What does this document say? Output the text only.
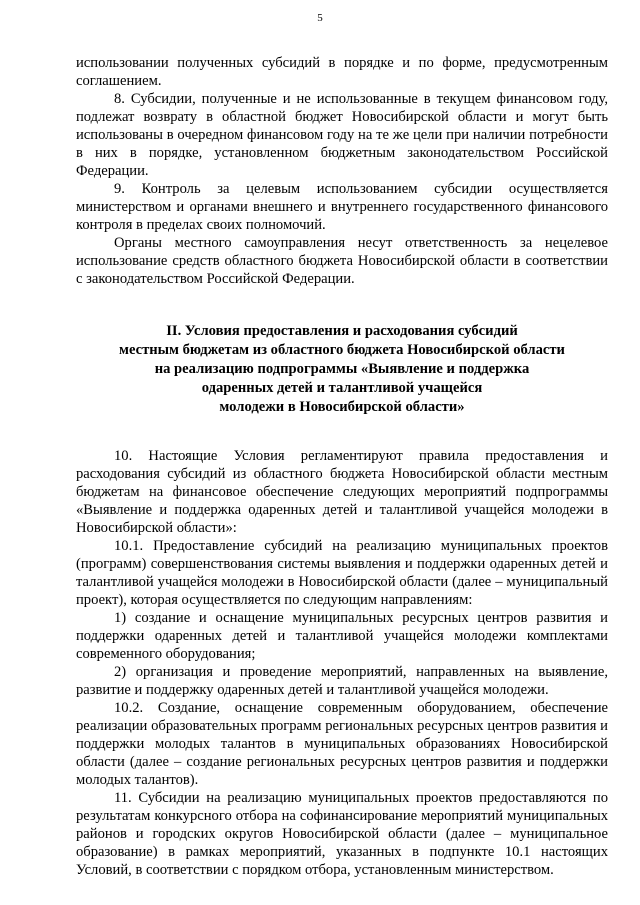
5

использовании полученных субсидий в порядке и по форме, предусмотренным соглашением.

8. Субсидии, полученные и не использованные в текущем финансовом году, подлежат возврату в областной бюджет Новосибирской области и могут быть использованы в очередном финансовом году на те же цели при наличии потребности в них в порядке, установленном бюджетным законодательством Российской Федерации.

9. Контроль за целевым использованием субсидии осуществляется министерством и органами внешнего и внутреннего государственного финансового контроля в пределах своих полномочий.

Органы местного самоуправления несут ответственность за нецелевое использование средств областного бюджета Новосибирской области в соответствии с законодательством Российской Федерации.

II. Условия предоставления и расходования субсидий
местным бюджетам из областного бюджета Новосибирской области
на реализацию подпрограммы «Выявление и поддержка
одаренных детей и талантливой учащейся
молодежи в Новосибирской области»

10. Настоящие Условия регламентируют правила предоставления и расходования субсидий из областного бюджета Новосибирской области местным бюджетам на финансовое обеспечение следующих мероприятий подпрограммы «Выявление и поддержка одаренных детей и талантливой учащейся молодежи в Новосибирской области»:

10.1. Предоставление субсидий на реализацию муниципальных проектов (программ) совершенствования системы выявления и поддержки одаренных детей и талантливой учащейся молодежи в Новосибирской области (далее – муниципальный проект), которая осуществляется по следующим направлениям:

1) создание и оснащение муниципальных ресурсных центров развития и поддержки одаренных детей и талантливой учащейся молодежи комплектами современного оборудования;

2) организация и проведение мероприятий, направленных на выявление, развитие и поддержку одаренных детей и талантливой учащейся молодежи.

10.2. Создание, оснащение современным оборудованием, обеспечение реализации образовательных программ региональных ресурсных центров развития и поддержки молодых талантов в муниципальных образованиях Новосибирской области (далее – создание региональных ресурсных центров развития и поддержки молодых талантов).

11. Субсидии на реализацию муниципальных проектов предоставляются по результатам конкурсного отбора на софинансирование мероприятий муниципальных районов и городских округов Новосибирской области (далее – муниципальное образование) в рамках мероприятий, указанных в подпункте 10.1 настоящих Условий, в соответствии с порядком отбора, установленным министерством.
